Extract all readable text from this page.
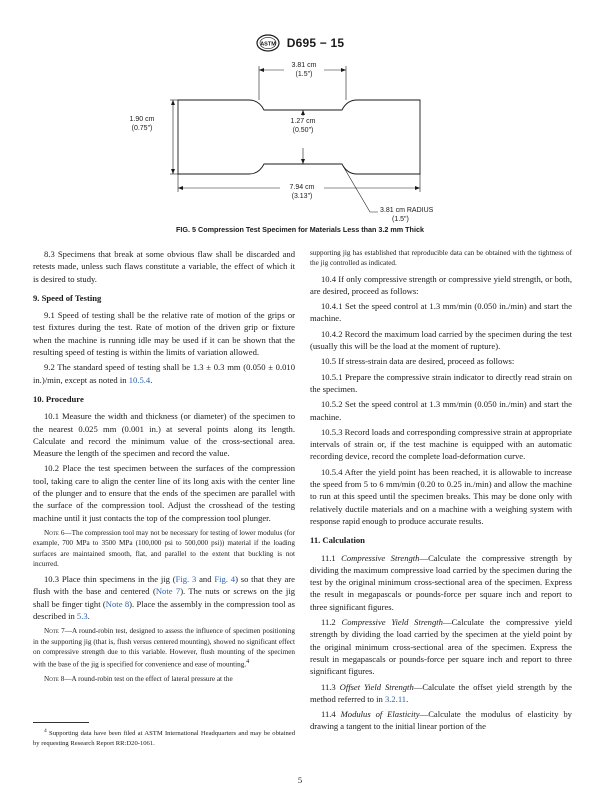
ASTM D695 − 15
3.81 cm
(1.5")
1.90 cm
(0.75")
1.27 cm
(0.50")
7.94 cm
(3.13")
3.81 cm RADIUS
(1.5")
FIG. 5 Compression Test Specimen for Materials Less than 3.2 mm Thick

8.3 Specimens that break at some obvious flaw shall be discarded and retests made, unless such flaws constitute a variable, the effect of which it is desired to study.

9. Speed of Testing

9.1 Speed of testing shall be the relative rate of motion of the grips or test fixtures during the test. Rate of motion of the driven grip or fixture when the machine is running idle may be used if it can be shown that the resulting speed of testing is within the limits of variation allowed.

9.2 The standard speed of testing shall be 1.3 ± 0.3 mm (0.050 ± 0.010 in.)/min, except as noted in 10.5.4.

10. Procedure

10.1 Measure the width and thickness (or diameter) of the specimen to the nearest 0.025 mm (0.001 in.) at several points along its length. Calculate and record the minimum value of the cross-sectional area. Measure the length of the specimen and record the value.

10.2 Place the test specimen between the surfaces of the compression tool, taking care to align the center line of its long axis with the center line of the plunger and to ensure that the ends of the specimen are parallel with the surface of the compression tool. Adjust the crosshead of the testing machine until it just contacts the top of the compression tool plunger.

Note 6—The compression tool may not be necessary for testing of lower modulus (for example, 700 MPa to 3500 MPa (100,000 psi to 500,000 psi)) material if the loading surfaces are maintained smooth, flat, and parallel to the extent that buckling is not incurred.

10.3 Place thin specimens in the jig (Fig. 3 and Fig. 4) so that they are flush with the base and centered (Note 7). The nuts or screws on the jig shall be finger tight (Note 8). Place the assembly in the compression tool as described in 5.3.

Note 7—A round-robin test, designed to assess the influence of specimen positioning in the supporting jig (that is, flush versus centered mounting), showed no significant effect on compressive strength due to this variable. However, flush mounting of the specimen with the base of the jig is specified for convenience and ease of mounting.$^4$

Note 8—A round-robin test on the effect of lateral pressure at the

$^4$ Supporting data have been filed at ASTM International Headquarters and may be obtained by requesting Research Report RR:D20-1061.

supporting jig has established that reproducible data can be obtained with the tightness of the jig controlled as indicated.

10.4 If only compressive strength or compressive yield strength, or both, are desired, proceed as follows:

10.4.1 Set the speed control at 1.3 mm/min (0.050 in./min) and start the machine.

10.4.2 Record the maximum load carried by the specimen during the test (usually this will be the load at the moment of rupture).

10.5 If stress-strain data are desired, proceed as follows:

10.5.1 Prepare the compressive strain indicator to directly read strain on the specimen.

10.5.2 Set the speed control at 1.3 mm/min (0.050 in./min) and start the machine.

10.5.3 Record loads and corresponding compressive strain at appropriate intervals of strain or, if the test machine is equipped with an automatic recording device, record the complete load-deformation curve.

10.5.4 After the yield point has been reached, it is allowable to increase the speed from 5 to 6 mm/min (0.20 to 0.25 in./min) and allow the machine to run at this speed until the specimen breaks. This may be done only with relatively ductile materials and on a machine with a weighing system with response rapid enough to produce accurate results.

11. Calculation

11.1 Compressive Strength—Calculate the compressive strength by dividing the maximum compressive load carried by the specimen during the test by the original minimum cross-sectional area of the specimen. Express the result in megapascals or pounds-force per square inch and report to three significant figures.

11.2 Compressive Yield Strength—Calculate the compressive yield strength by dividing the load carried by the specimen at the yield point by the original minimum cross-sectional area of the specimen. Express the result in megapascals or pounds-force per square inch and report to three significant figures.

11.3 Offset Yield Strength—Calculate the offset yield strength by the method referred to in 3.2.11.

11.4 Modulus of Elasticity—Calculate the modulus of elasticity by drawing a tangent to the initial linear portion of the

5
